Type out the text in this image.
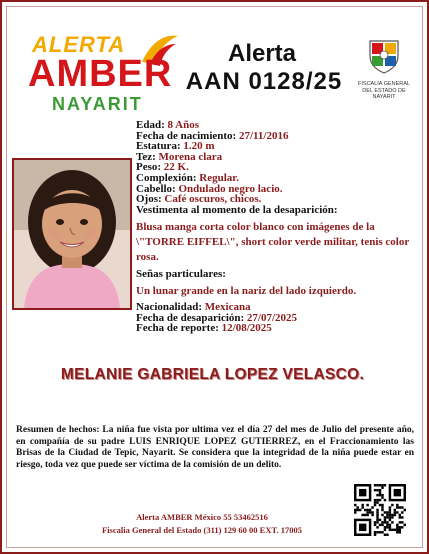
ALERTA
AMBER
NAYARIT
Alerta
AAN 0128/25	FISCALÍA GENERAL
DEL ESTADO DE
NAYARIT
Edad: 8 Años
Fecha de nacimiento: 27/11/2016
Estatura: 1.20 m
Tez: Morena clara
Peso: 22 K.
Complexión: Regular.
Cabello: Ondulado negro lacio.
Ojos: Café oscuros, chicos.
Vestimenta al momento de la desaparición:
Blusa manga corta color blanco con imágenes de la \"TORRE EIFFEL\", short color verde militar, tenis color rosa.
Señas particulares:
Un lunar grande en la nariz del lado izquierdo.
Nacionalidad: Mexicana
Fecha de desaparición: 27/07/2025
Fecha de reporte: 12/08/2025
MELANIE GABRIELA LOPEZ VELASCO.
Resumen de hechos: La niña fue vista por ultima vez el día 27 del mes de Julio del presente año, en compañía de su padre LUIS ENRIQUE LOPEZ GUTIERREZ, en el Fraccionamiento las Brisas de la Ciudad de Tepic, Nayarit. Se considera que la integridad de la niña puede estar en riesgo, toda vez que puede ser víctima de la comisión de un delito.
Alerta AMBER México 55 53462516
Fiscalia General del Estado (311) 129 60 00 EXT. 17005
